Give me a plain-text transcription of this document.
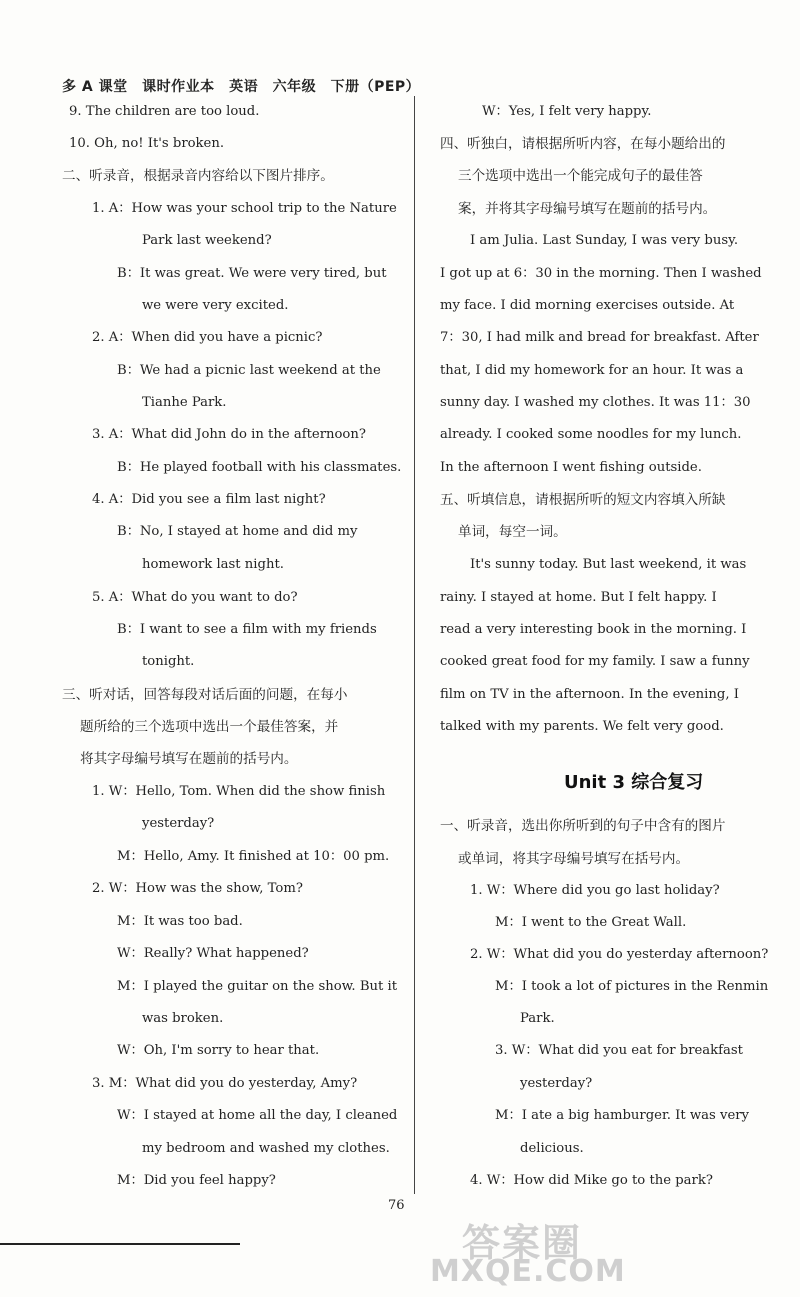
多 A 课堂　课时作业本　英语　六年级　下册（PEP）
9. The children are too loud.
10. Oh, no! It's broken.
二、听录音，根据录音内容给以下图片排序。
1. A：How was your school trip to the Nature
Park last weekend?
B：It was great. We were very tired, but
we were very excited.
2. A：When did you have a picnic?
B：We had a picnic last weekend at the
Tianhe Park.
3. A：What did John do in the afternoon?
B：He played football with his classmates.
4. A：Did you see a film last night?
B：No, I stayed at home and did my
homework last night.
5. A：What do you want to do?
B：I want to see a film with my friends
tonight.
三、听对话，回答每段对话后面的问题，在每小
题所给的三个选项中选出一个最佳答案，并
将其字母编号填写在题前的括号内。
1. W：Hello, Tom. When did the show finish
yesterday?
M：Hello, Amy. It finished at 10：00 pm.
2. W：How was the show, Tom?
M：It was too bad.
W：Really? What happened?
M：I played the guitar on the show. But it
was broken.
W：Oh, I'm sorry to hear that.
3. M：What did you do yesterday, Amy?
W：I stayed at home all the day, I cleaned
my bedroom and washed my clothes.
M：Did you feel happy?
W：Yes, I felt very happy.
四、听独白，请根据所听内容，在每小题给出的
三个选项中选出一个能完成句子的最佳答
案，并将其字母编号填写在题前的括号内。
I am Julia. Last Sunday, I was very busy.
I got up at 6：30 in the morning. Then I washed
my face. I did morning exercises outside. At
7：30, I had milk and bread for breakfast. After
that, I did my homework for an hour. It was a
sunny day. I washed my clothes. It was 11：30
already. I cooked some noodles for my lunch.
In the afternoon I went fishing outside.
五、听填信息，请根据所听的短文内容填入所缺
单词，每空一词。
It's sunny today. But last weekend, it was
rainy. I stayed at home. But I felt happy. I
read a very interesting book in the morning. I
cooked great food for my family. I saw a funny
film on TV in the afternoon. In the evening, I
talked with my parents. We felt very good.
一、听录音，选出你所听到的句子中含有的图片
或单词，将其字母编号填写在括号内。
1. W：Where did you go last holiday?
M：I went to the Great Wall.
2. W：What did you do yesterday afternoon?
M：I took a lot of pictures in the Renmin
Park.
3. W：What did you eat for breakfast
yesterday?
M：I ate a big hamburger. It was very
delicious.
4. W：How did Mike go to the park?
Unit 3 综合复习
76
答案圈
MXQE.COM
